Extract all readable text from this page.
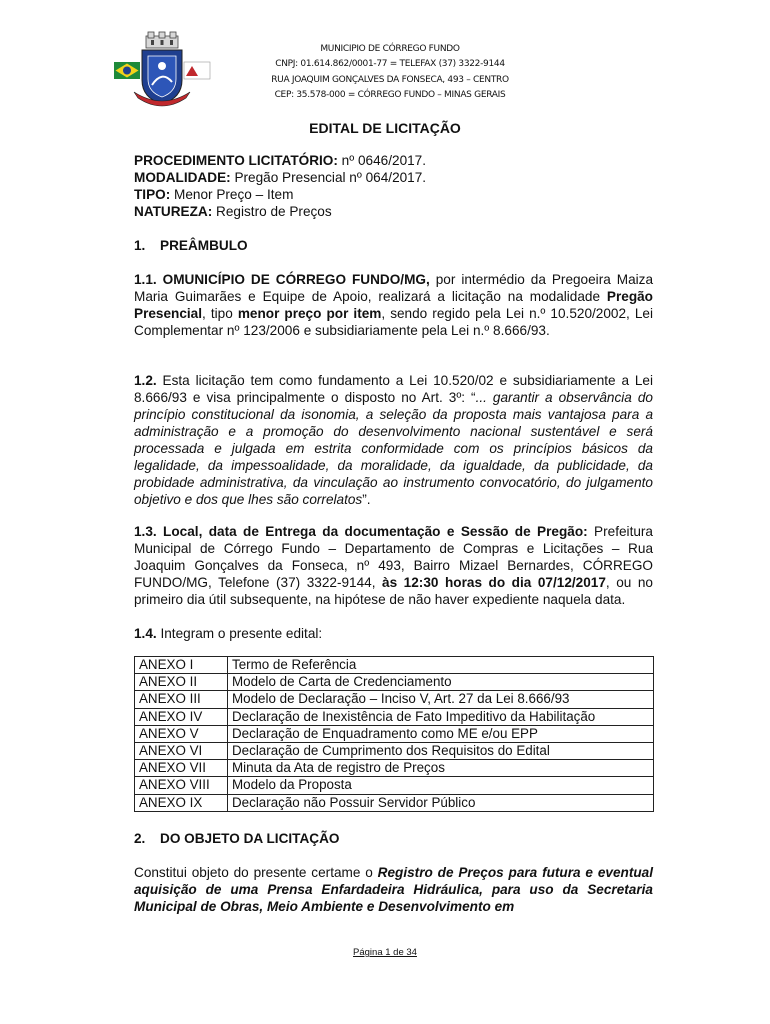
MUNICIPIO DE CÓRREGO FUNDO
CNPJ: 01.614.862/0001-77 = TELEFAX (37) 3322-9144
RUA JOAQUIM GONÇALVES DA FONSECA, 493 – CENTRO
CEP: 35.578-000 = CÓRREGO FUNDO – MINAS GERAIS
EDITAL DE LICITAÇÃO
PROCEDIMENTO LICITATÓRIO: nº 0646/2017.
MODALIDADE: Pregão Presencial nº 064/2017.
TIPO: Menor Preço – Item
NATUREZA: Registro de Preços
1. PREÂMBULO
1.1. OMUNICÍPIO DE CÓRREGO FUNDO/MG, por intermédio da Pregoeira Maiza Maria Guimarães e Equipe de Apoio, realizará a licitação na modalidade Pregão Presencial, tipo menor preço por item, sendo regido pela Lei n.º 10.520/2002, Lei Complementar nº 123/2006 e subsidiariamente pela Lei n.º 8.666/93.
1.2. Esta licitação tem como fundamento a Lei 10.520/02 e subsidiariamente a Lei 8.666/93 e visa principalmente o disposto no Art. 3º: “... garantir a observância do princípio constitucional da isonomia, a seleção da proposta mais vantajosa para a administração e a promoção do desenvolvimento nacional sustentável e será processada e julgada em estrita conformidade com os princípios básicos da legalidade, da impessoalidade, da moralidade, da igualdade, da publicidade, da probidade administrativa, da vinculação ao instrumento convocatório, do julgamento objetivo e dos que lhes são correlatos”.
1.3. Local, data de Entrega da documentação e Sessão de Pregão: Prefeitura Municipal de Córrego Fundo – Departamento de Compras e Licitações – Rua Joaquim Gonçalves da Fonseca, nº 493, Bairro Mizael Bernardes, CÓRREGO FUNDO/MG, Telefone (37) 3322-9144, às 12:30 horas do dia 07/12/2017, ou no primeiro dia útil subsequente, na hipótese de não haver expediente naquela data.
1.4. Integram o presente edital:
ANEXO I	Termo de Referência
ANEXO II	Modelo de Carta de Credenciamento
ANEXO III	Modelo de Declaração – Inciso V, Art. 27 da Lei 8.666/93
ANEXO IV	Declaração de Inexistência de Fato Impeditivo da Habilitação
ANEXO V	Declaração de Enquadramento como ME e/ou EPP
ANEXO VI	Declaração de Cumprimento dos Requisitos do Edital
ANEXO VII	Minuta da Ata de registro de Preços
ANEXO VIII	Modelo da Proposta
ANEXO IX	Declaração não Possuir Servidor Público
2. DO OBJETO DA LICITAÇÃO
Constitui objeto do presente certame o Registro de Preços para futura e eventual aquisição de uma Prensa Enfardadeira Hidráulica, para uso da Secretaria Municipal de Obras, Meio Ambiente e Desenvolvimento em
Página 1 de 34
